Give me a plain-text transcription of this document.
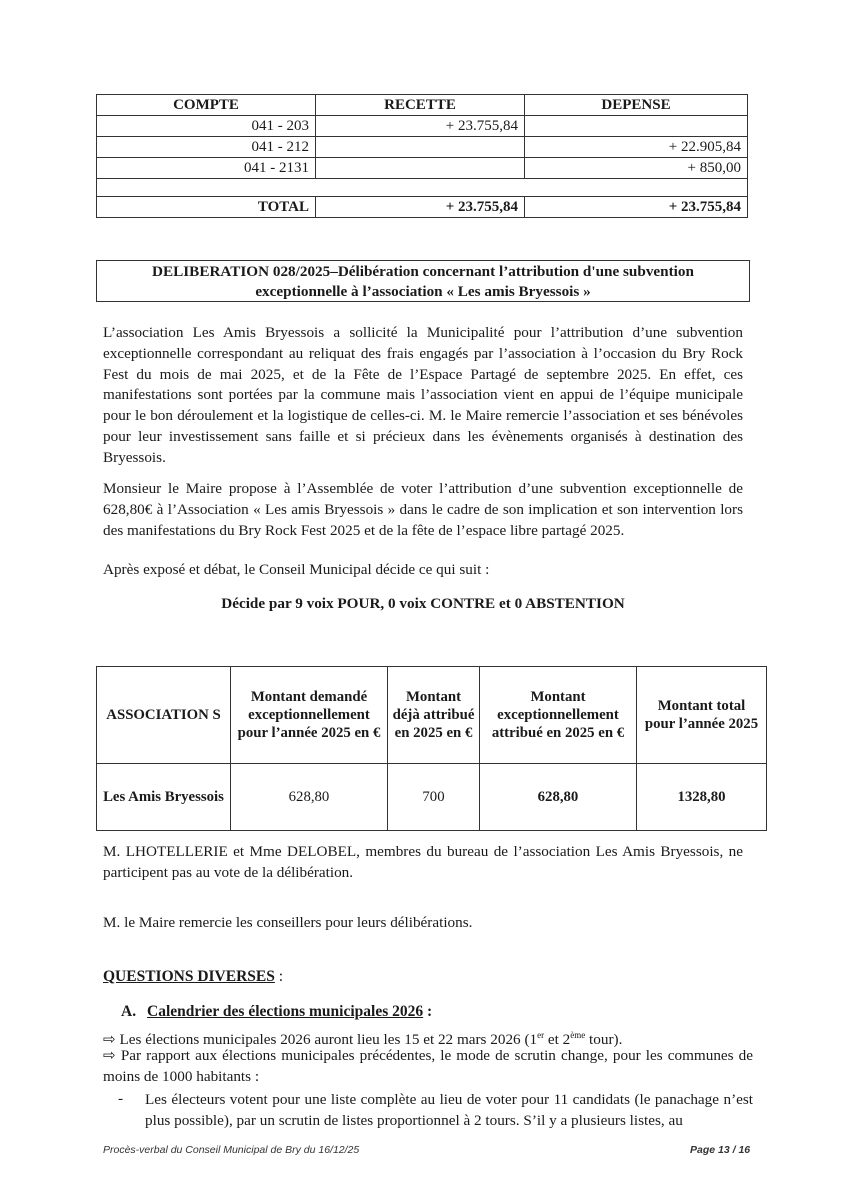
COMPTE	RECETTE	DEPENSE
041 - 203	+ 23.755,84	
041 - 212		+ 22.905,84
041 - 2131		+ 850,00

TOTAL	+ 23.755,84	+ 23.755,84
DELIBERATION 028/2025–Délibération concernant l’attribution d'une subvention
exceptionnelle à l’association « Les amis Bryessois »
L’association Les Amis Bryessois a sollicité la Municipalité pour l’attribution d’une subvention exceptionnelle correspondant au reliquat des frais engagés par l’association à l’occasion du Bry Rock Fest du mois de mai 2025, et de la Fête de l’Espace Partagé de septembre 2025. En effet, ces manifestations sont portées par la commune mais l’association vient en appui de l’équipe municipale pour le bon déroulement et la logistique de celles-ci. M. le Maire remercie l’association et ses bénévoles pour leur investissement sans faille et si précieux dans les évènements organisés à destination des Bryessois.
Monsieur le Maire propose à l’Assemblée de voter l’attribution d’une subvention exceptionnelle de 628,80€ à l’Association « Les amis Bryessois » dans le cadre de son implication et son intervention lors des manifestations du Bry Rock Fest 2025 et de la fête de l’espace libre partagé 2025.
Après exposé et débat, le Conseil Municipal décide ce qui suit :
Décide par 9 voix POUR, 0 voix CONTRE et 0 ABSTENTION
ASSOCIATION S	Montant demandé exceptionnellement pour l’année 2025 en €	Montant déjà attribué en 2025 en €	Montant exceptionnellement attribué en 2025 en €	Montant total pour l’année 2025
Les Amis Bryessois	628,80	700	628,80	1328,80
M. LHOTELLERIE et Mme DELOBEL, membres du bureau de l’association Les Amis Bryessois, ne participent pas au vote de la délibération.
M. le Maire remercie les conseillers pour leurs délibérations.
QUESTIONS DIVERSES :
A. Calendrier des élections municipales 2026 :
⇨ Les élections municipales 2026 auront lieu les 15 et 22 mars 2026 (1er et 2ème tour).
⇨ Par rapport aux élections municipales précédentes, le mode de scrutin change, pour les communes de moins de 1000 habitants :
- Les électeurs votent pour une liste complète au lieu de voter pour 11 candidats (le panachage n’est plus possible), par un scrutin de listes proportionnel à 2 tours. S’il y a plusieurs listes, au
Procès-verbal du Conseil Municipal de Bry du 16/12/25	Page 13 / 16
